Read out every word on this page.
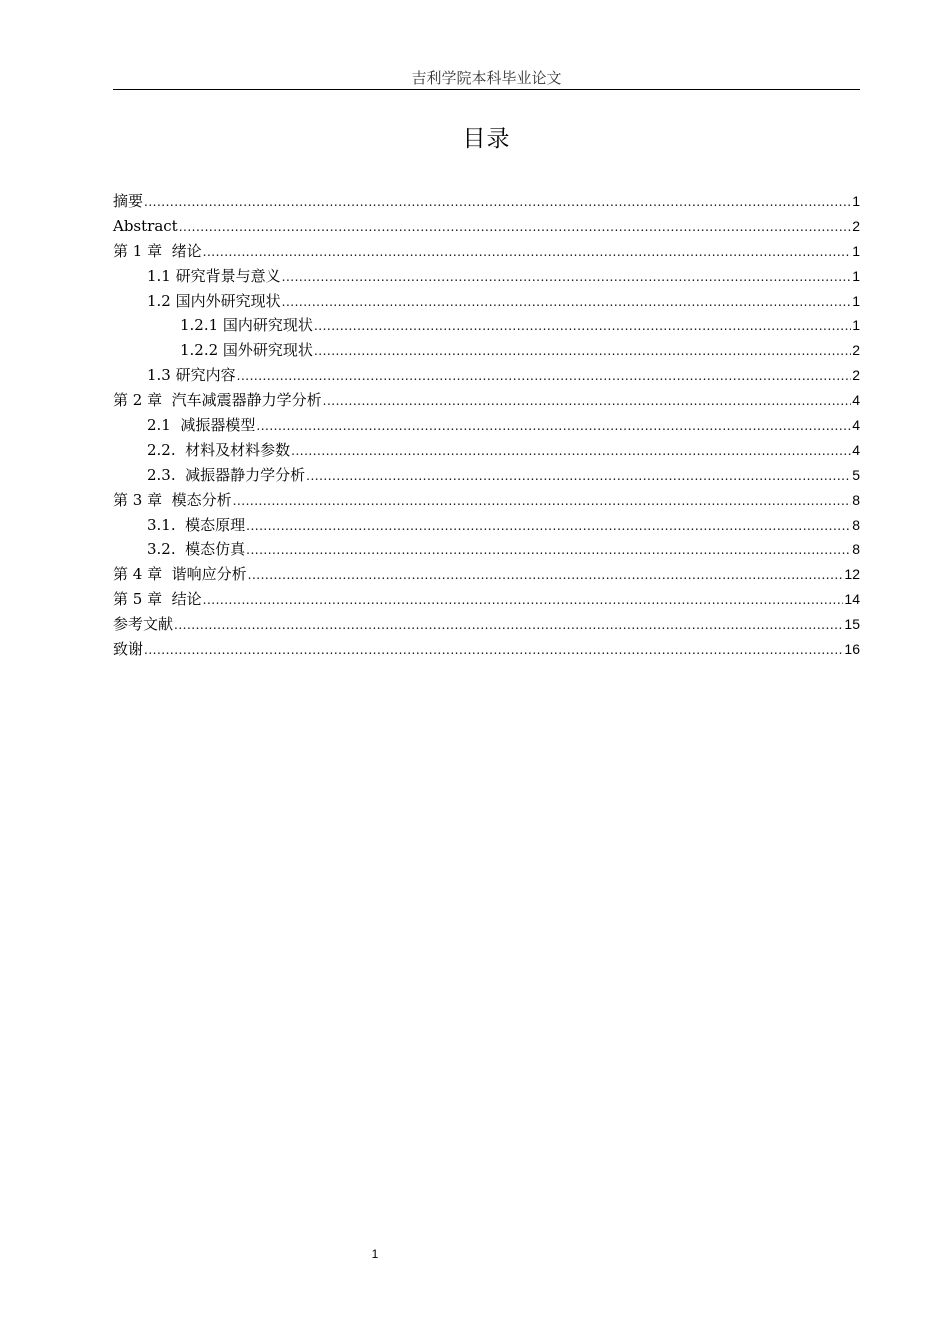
吉利学院本科毕业论文
目录
摘要 .....	1
Abstract .....	2
第 1 章  绪论 .....	1
1.1 研究背景与意义 .....	1
1.2 国内外研究现状 .....	1
1.2.1 国内研究现状 .....	1
1.2.2 国外研究现状 .....	2
1.3 研究内容 .....	2
第 2 章  汽车减震器静力学分析 .....	4
2.1  减振器模型 .....	4
2.2.  材料及材料参数 .....	4
2.3.  减振器静力学分析 .....	5
第 3 章  模态分析 .....	8
3.1.  模态原理 .....	8
3.2.  模态仿真 .....	8
第 4 章  谐响应分析 .....	12
第 5 章  结论 .....	14
参考文献 .....	15
致谢 .....	16
1
